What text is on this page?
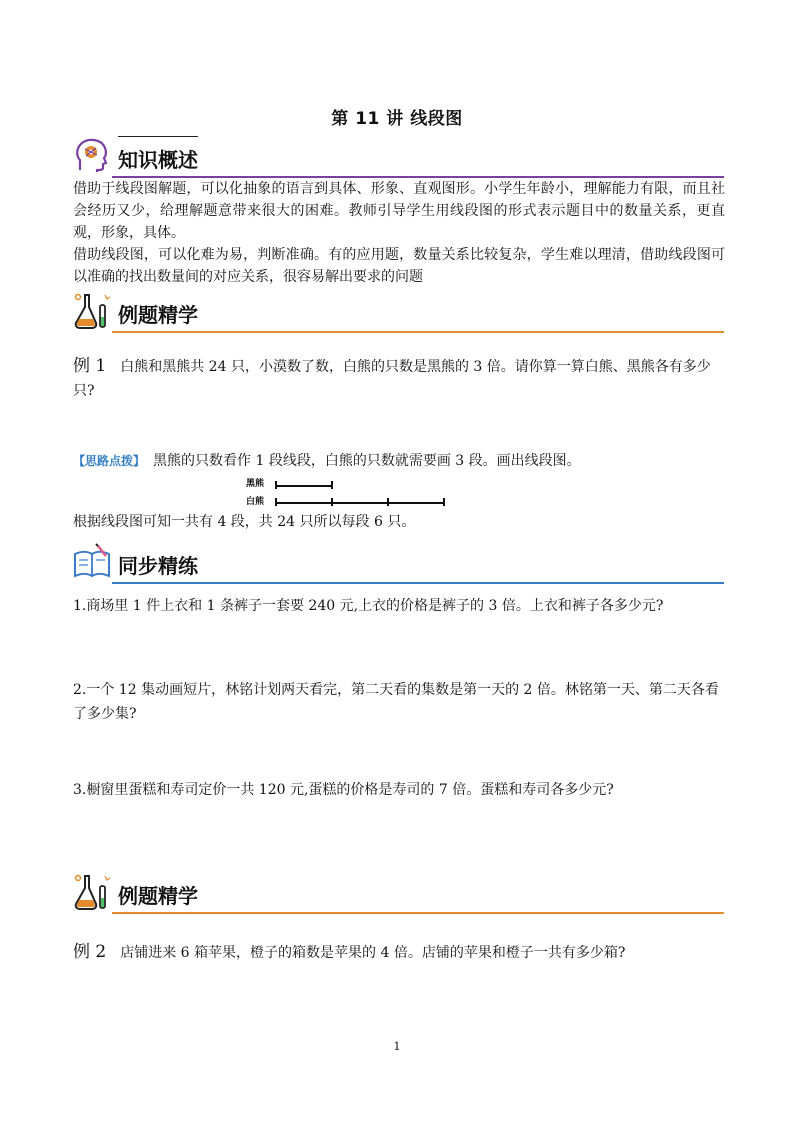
第 11 讲 线段图
知识概述
借助于线段图解题，可以化抽象的语言到具体、形象、直观图形。小学生年龄小，理解能力有限，而且社会经历又少，给理解题意带来很大的困难。教师引导学生用线段图的形式表示题目中的数量关系，更直观，形象，具体。
借助线段图，可以化难为易，判断准确。有的应用题，数量关系比较复杂，学生难以理清，借助线段图可以准确的找出数量间的对应关系，很容易解出要求的问题
例题精学
例 1 白熊和黑熊共 24 只，小漠数了数，白熊的只数是黑熊的 3 倍。请你算一算白熊、黑熊各有多少只?
【思路点拨】 黑熊的只数看作 1 段线段，白熊的只数就需要画 3 段。画出线段图。
黑熊
白熊
根据线段图可知一共有 4 段，共 24 只所以每段 6 只。
同步精练
1.商场里 1 件上衣和 1 条裤子一套要 240 元,上衣的价格是裤子的 3 倍。上衣和裤子各多少元?
2.一个 12 集动画短片，林铭计划两天看完，第二天看的集数是第一天的 2 倍。林铭第一天、第二天各看了多少集?
3.橱窗里蛋糕和寿司定价一共 120 元,蛋糕的价格是寿司的 7 倍。蛋糕和寿司各多少元?
例题精学
例 2 店铺进来 6 箱苹果，橙子的箱数是苹果的 4 倍。店铺的苹果和橙子一共有多少箱?
1
